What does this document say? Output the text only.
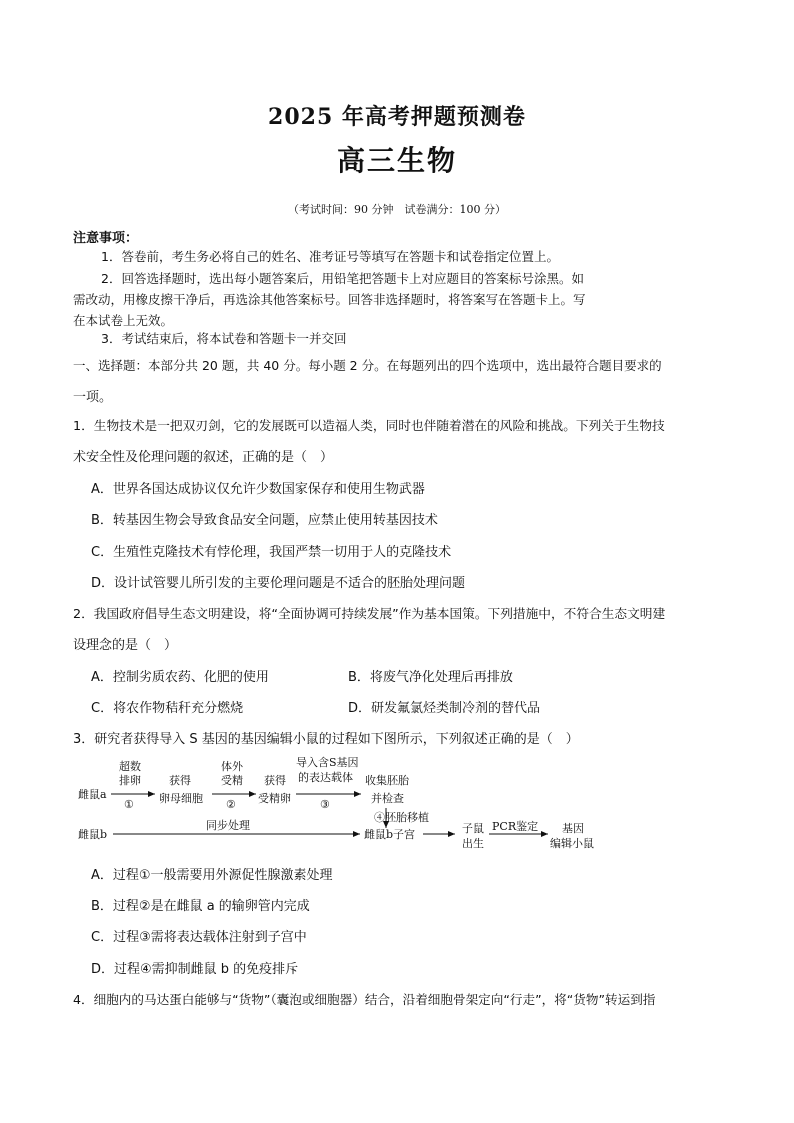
2025 年高考押题预测卷
高三生物
（考试时间：90 分钟　试卷满分：100 分）
注意事项：
1．答卷前，考生务必将自己的姓名、准考证号等填写在答题卡和试卷指定位置上。
2．回答选择题时，选出每小题答案后，用铅笔把答题卡上对应题目的答案标号涂黑。如
需改动，用橡皮擦干净后，再选涂其他答案标号。回答非选择题时，将答案写在答题卡上。写
在本试卷上无效。
3．考试结束后，将本试卷和答题卡一并交回
一、选择题：本部分共 20 题，共 40 分。每小题 2 分。在每题列出的四个选项中，选出最符合题目要求的
一项。
1．生物技术是一把双刃剑，它的发展既可以造福人类，同时也伴随着潜在的风险和挑战。下列关于生物技
术安全性及伦理问题的叙述，正确的是（　）
A．世界各国达成协议仅允许少数国家保存和使用生物武器
B．转基因生物会导致食品安全问题，应禁止使用转基因技术
C．生殖性克隆技术有悖伦理，我国严禁一切用于人的克隆技术
D．设计试管婴儿所引发的主要伦理问题是不适合的胚胎处理问题
2．我国政府倡导生态文明建设，将“全面协调可持续发展”作为基本国策。下列措施中，不符合生态文明建
设理念的是（　）
A．控制劣质农药、化肥的使用	B．将废气净化处理后再排放
C．将农作物秸秆充分燃烧	D．研发氟氯烃类制冷剂的替代品
3．研究者获得导入 S 基因的基因编辑小鼠的过程如下图所示，下列叙述正确的是（　）
雌鼠a
超数
排卵
①
获得
卵母细胞
体外
受精
②
获得
受精卵
导入含S基因
的表达载体
③
收集胚胎
并检查
④胚胎移植
雌鼠b
同步处理
雌鼠b子宫	子鼠
出生
PCR鉴定 基因
编辑小鼠
A．过程①一般需要用外源促性腺激素处理
B．过程②是在雌鼠 a 的输卵管内完成
C．过程③需将表达载体注射到子宫中
D．过程④需抑制雌鼠 b 的免疫排斥
4．细胞内的马达蛋白能够与“货物”（囊泡或细胞器）结合，沿着细胞骨架定向“行走”，将“货物”转运到指
